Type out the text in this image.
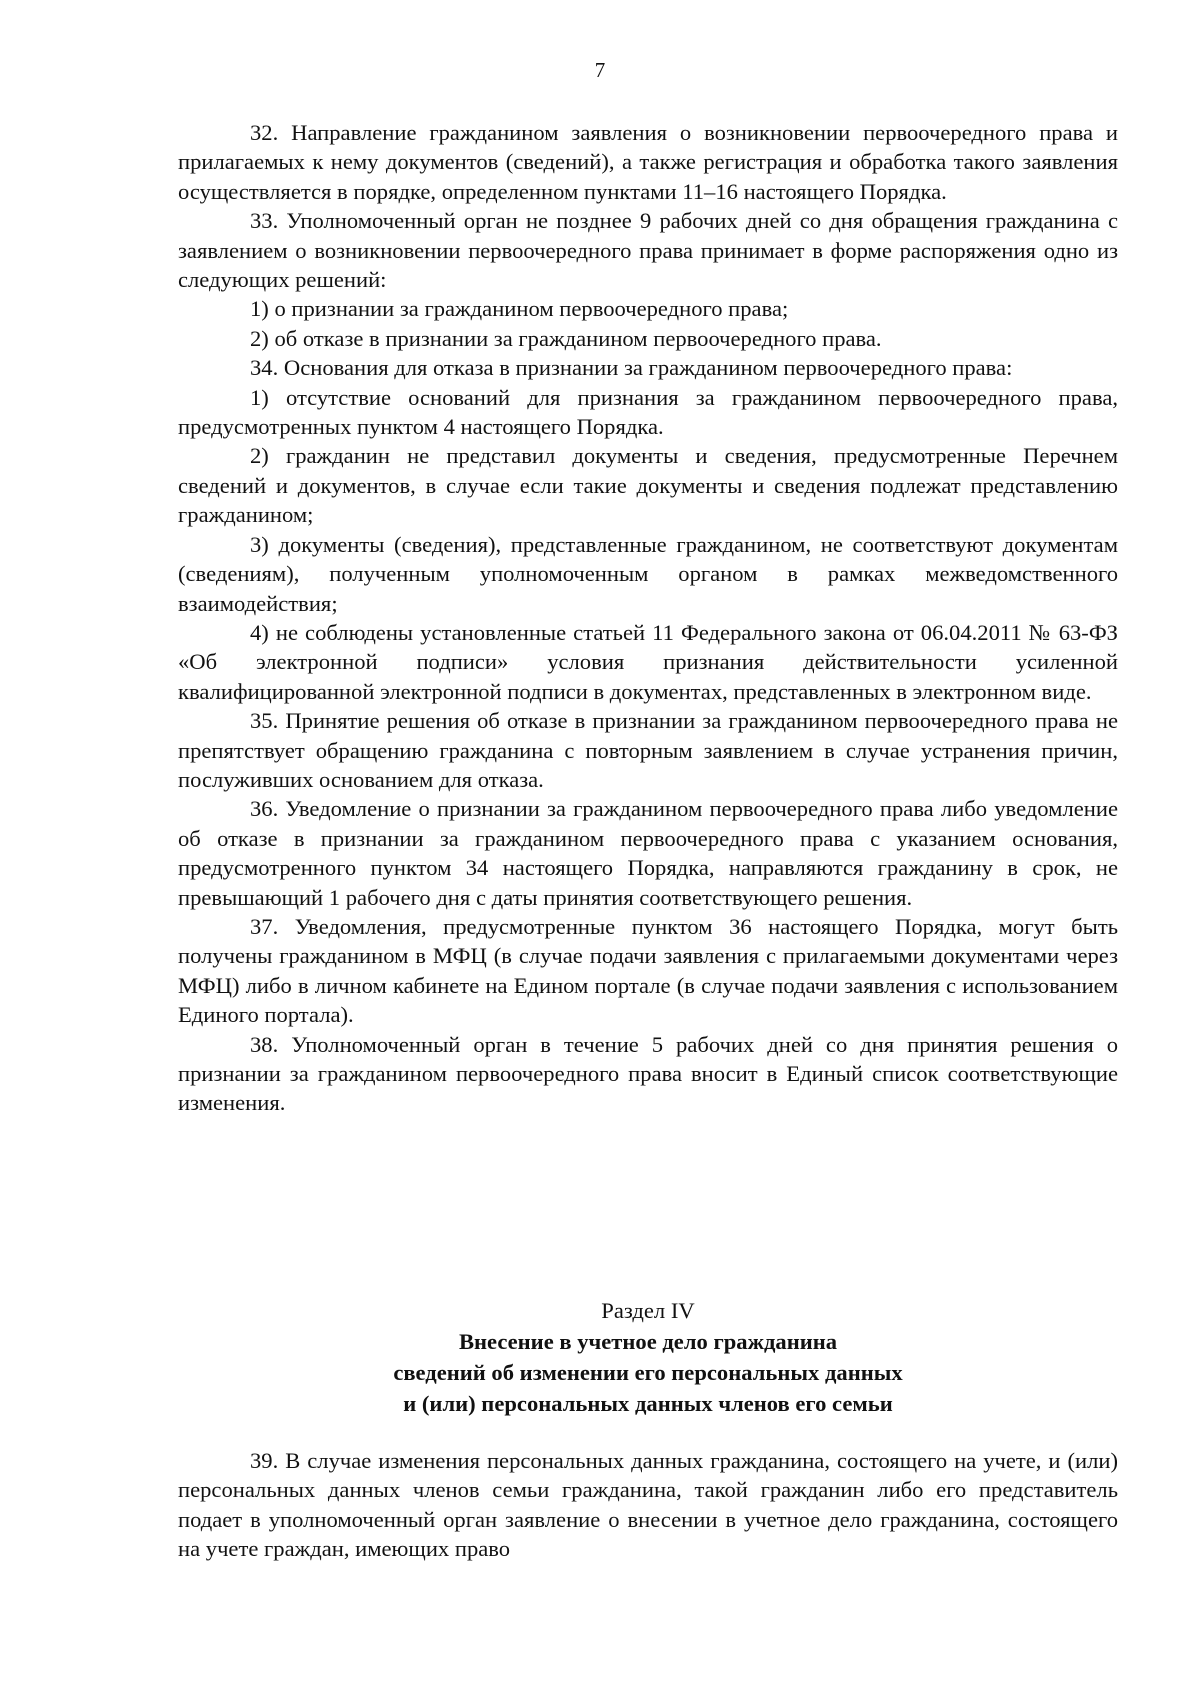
7

32. Направление гражданином заявления о возникновении первоочередного права и прилагаемых к нему документов (сведений), а также регистрация и обработка такого заявления осуществляется в порядке, определенном пунктами 11–16 настоящего Порядка.

33. Уполномоченный орган не позднее 9 рабочих дней со дня обращения гражданина с заявлением о возникновении первоочередного права принимает в форме распоряжения одно из следующих решений:

1) о признании за гражданином первоочередного права;

2) об отказе в признании за гражданином первоочередного права.

34. Основания для отказа в признании за гражданином первоочередного права:

1) отсутствие оснований для признания за гражданином первоочередного права, предусмотренных пунктом 4 настоящего Порядка.

2) гражданин не представил документы и сведения, предусмотренные Перечнем сведений и документов, в случае если такие документы и сведения подлежат представлению гражданином;

3) документы (сведения), представленные гражданином, не соответствуют документам (сведениям), полученным уполномоченным органом в рамках межведомственного взаимодействия;

4) не соблюдены установленные статьей 11 Федерального закона от 06.04.2011 № 63-ФЗ «Об электронной подписи» условия признания действительности усиленной квалифицированной электронной подписи в документах, представленных в электронном виде.

35. Принятие решения об отказе в признании за гражданином первоочередного права не препятствует обращению гражданина с повторным заявлением в случае устранения причин, послуживших основанием для отказа.

36. Уведомление о признании за гражданином первоочередного права либо уведомление об отказе в признании за гражданином первоочередного права с указанием основания, предусмотренного пунктом 34 настоящего Порядка, направляются гражданину в срок, не превышающий 1 рабочего дня с даты принятия соответствующего решения.

37. Уведомления, предусмотренные пунктом 36 настоящего Порядка, могут быть получены гражданином в МФЦ (в случае подачи заявления с прилагаемыми документами через МФЦ) либо в личном кабинете на Едином портале (в случае подачи заявления с использованием Единого портала).

38. Уполномоченный орган в течение 5 рабочих дней со дня принятия решения о признании за гражданином первоочередного права вносит в Единый список соответствующие изменения.

Раздел IV
Внесение в учетное дело гражданина
сведений об изменении его персональных данных
и (или) персональных данных членов его семьи

39. В случае изменения персональных данных гражданина, состоящего на учете, и (или) персональных данных членов семьи гражданина, такой гражданин либо его представитель подает в уполномоченный орган заявление о внесении в учетное дело гражданина, состоящего на учете граждан, имеющих право
